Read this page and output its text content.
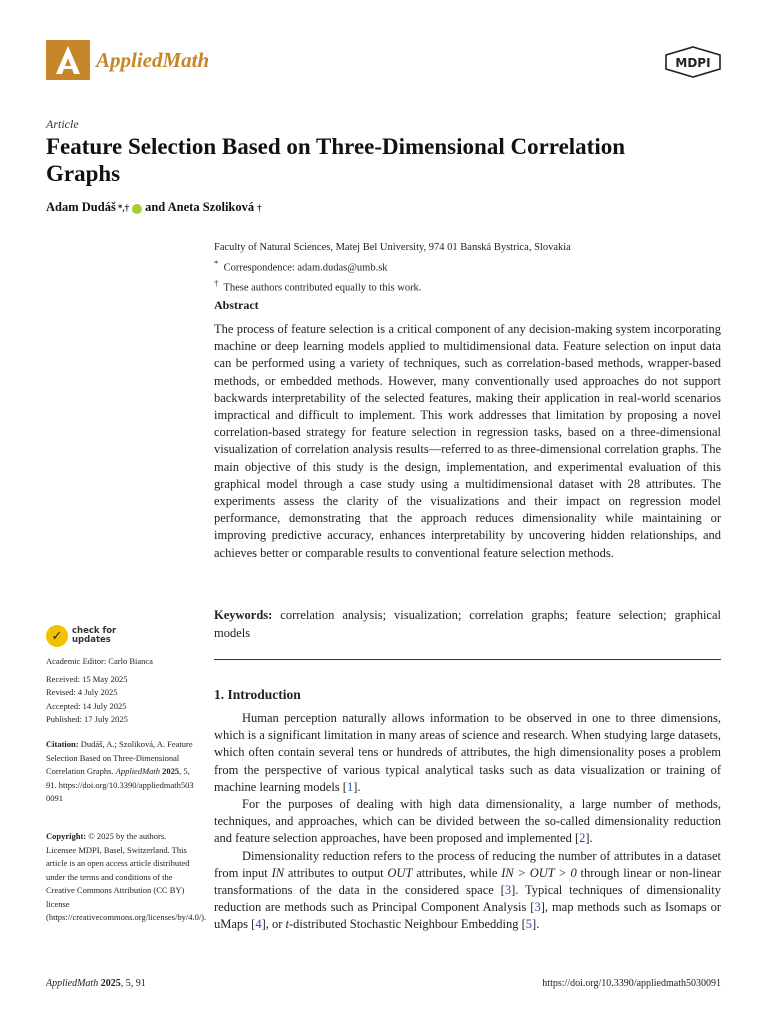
AppliedMath	MDPI
Article
Feature Selection Based on Three-Dimensional Correlation Graphs
Adam Dudáš *,† and Aneta Szoliková †
Faculty of Natural Sciences, Matej Bel University, 974 01 Banská Bystrica, Slovakia
* Correspondence: adam.dudas@umb.sk
† These authors contributed equally to this work.
Abstract
The process of feature selection is a critical component of any decision-making system incorporating machine or deep learning models applied to multidimensional data. Feature selection on input data can be performed using a variety of techniques, such as correlation-based methods, wrapper-based methods, or embedded methods. However, many conventionally used approaches do not support backwards interpretability of the selected features, making their application in real-world scenarios impractical and difficult to implement. This work addresses that limitation by proposing a novel correlation-based strategy for feature selection in regression tasks, based on a three-dimensional visualization of correlation analysis results—referred to as three-dimensional correlation graphs. The main objective of this study is the design, implementation, and experimental evaluation of this graphical model through a case study using a multidimensional dataset with 28 attributes. The experiments assess the clarity of the visualizations and their impact on regression model performance, demonstrating that the approach reduces dimensionality while maintaining or improving predictive accuracy, enhances interpretability by uncovering hidden relationships, and achieves better or comparable results to conventional feature selection methods.
Keywords: correlation analysis; visualization; correlation graphs; feature selection; graphical models
✓	check for
updates
Academic Editor: Carlo Bianca
Received: 15 May 2025
Revised: 4 July 2025
Accepted: 14 July 2025
Published: 17 July 2025
Citation: Dudáš, A.; Szoliková, A. Feature Selection Based on Three-Dimensional Correlation Graphs. AppliedMath 2025, 5, 91. https://doi.org/10.3390/appliedmath5030091
Copyright: © 2025 by the authors. Licensee MDPI, Basel, Switzerland. This article is an open access article distributed under the terms and conditions of the Creative Commons Attribution (CC BY) license (https://creativecommons.org/licenses/by/4.0/).
1. Introduction

Human perception naturally allows information to be observed in one to three dimensions, which is a significant limitation in many areas of science and research. When studying large datasets, which often contain several tens or hundreds of attributes, the high dimensionality poses a problem from the perspective of various typical analytical tasks such as data visualization or training of machine learning models [1].

For the purposes of dealing with high data dimensionality, a large number of methods, techniques, and approaches, which can be divided between the so-called dimensionality reduction and feature selection approaches, have been proposed and implemented [2].

Dimensionality reduction refers to the process of reducing the number of attributes in a dataset from input IN attributes to output OUT attributes, while IN > OUT > 0 through linear or non-linear transformations of the data in the considered space [3]. Typical techniques of dimensionality reduction are methods such as Principal Component Analysis [3], map methods such as Isomaps or uMaps [4], or t-distributed Stochastic Neighbour Embedding [5].

AppliedMath 2025, 5, 91	https://doi.org/10.3390/appliedmath5030091
